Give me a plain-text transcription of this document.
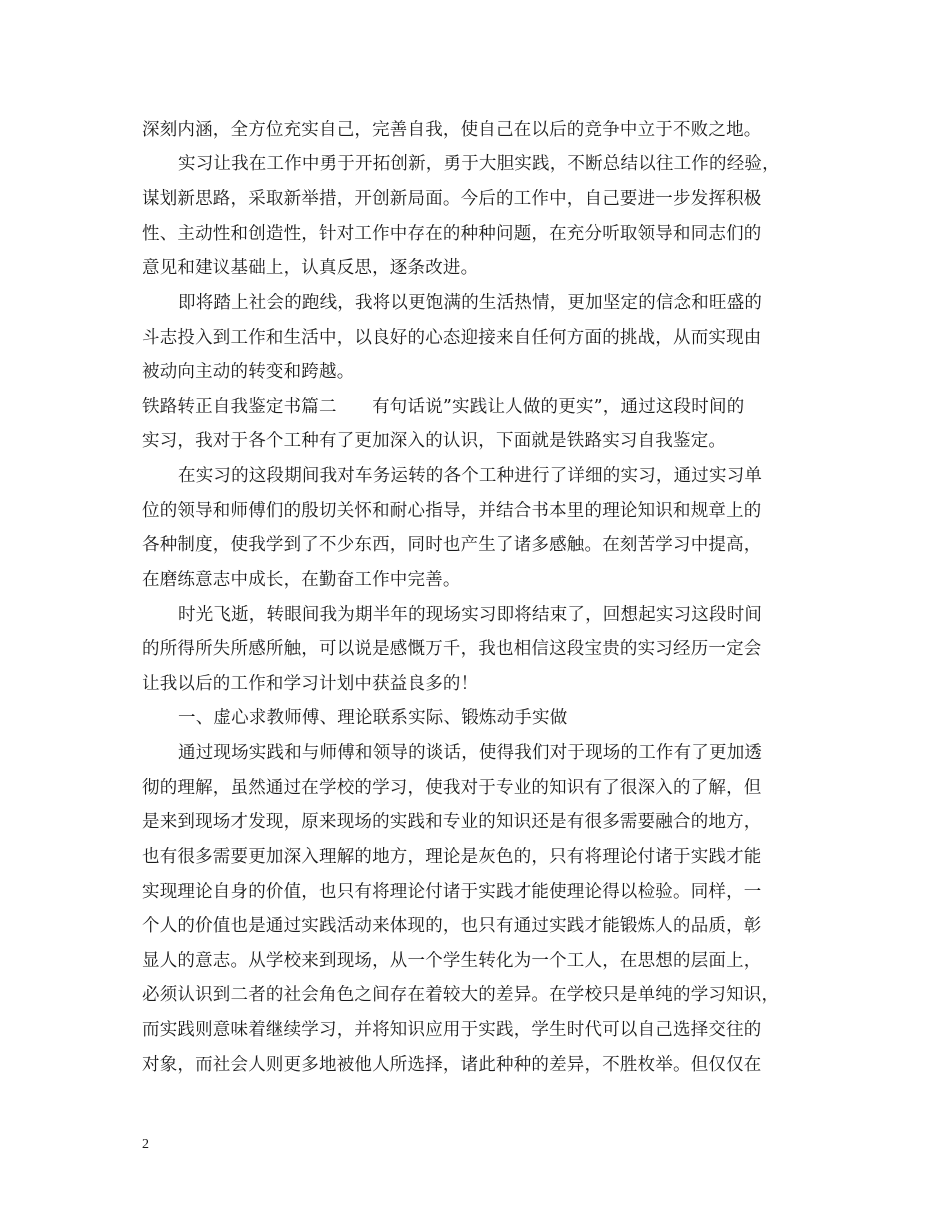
深刻内涵，全方位充实自己，完善自我，使自己在以后的竞争中立于不败之地。
实习让我在工作中勇于开拓创新，勇于大胆实践，不断总结以往工作的经验，
谋划新思路，采取新举措，开创新局面。今后的工作中，自己要进一步发挥积极
性、主动性和创造性，针对工作中存在的种种问题，在充分听取领导和同志们的
意见和建议基础上，认真反思，逐条改进。
即将踏上社会的跑线，我将以更饱满的生活热情，更加坚定的信念和旺盛的
斗志投入到工作和生活中，以良好的心态迎接来自任何方面的挑战，从而实现由
被动向主动的转变和跨越。
铁路转正自我鉴定书篇二　　有句话说”实践让人做的更实”，通过这段时间的
实习，我对于各个工种有了更加深入的认识，下面就是铁路实习自我鉴定。
在实习的这段期间我对车务运转的各个工种进行了详细的实习，通过实习单
位的领导和师傅们的殷切关怀和耐心指导，并结合书本里的理论知识和规章上的
各种制度，使我学到了不少东西，同时也产生了诸多感触。在刻苦学习中提高，
在磨练意志中成长，在勤奋工作中完善。
时光飞逝，转眼间我为期半年的现场实习即将结束了，回想起实习这段时间
的所得所失所感所触，可以说是感慨万千，我也相信这段宝贵的实习经历一定会
让我以后的工作和学习计划中获益良多的！
一、虚心求教师傅、理论联系实际、锻炼动手实做
通过现场实践和与师傅和领导的谈话，使得我们对于现场的工作有了更加透
彻的理解，虽然通过在学校的学习，使我对于专业的知识有了很深入的了解，但
是来到现场才发现，原来现场的实践和专业的知识还是有很多需要融合的地方，
也有很多需要更加深入理解的地方，理论是灰色的，只有将理论付诸于实践才能
实现理论自身的价值，也只有将理论付诸于实践才能使理论得以检验。同样，一
个人的价值也是通过实践活动来体现的，也只有通过实践才能锻炼人的品质，彰
显人的意志。从学校来到现场，从一个学生转化为一个工人，在思想的层面上，
必须认识到二者的社会角色之间存在着较大的差异。在学校只是单纯的学习知识，
而实践则意味着继续学习，并将知识应用于实践，学生时代可以自己选择交往的
对象，而社会人则更多地被他人所选择，诸此种种的差异，不胜枚举。但仅仅在
2
